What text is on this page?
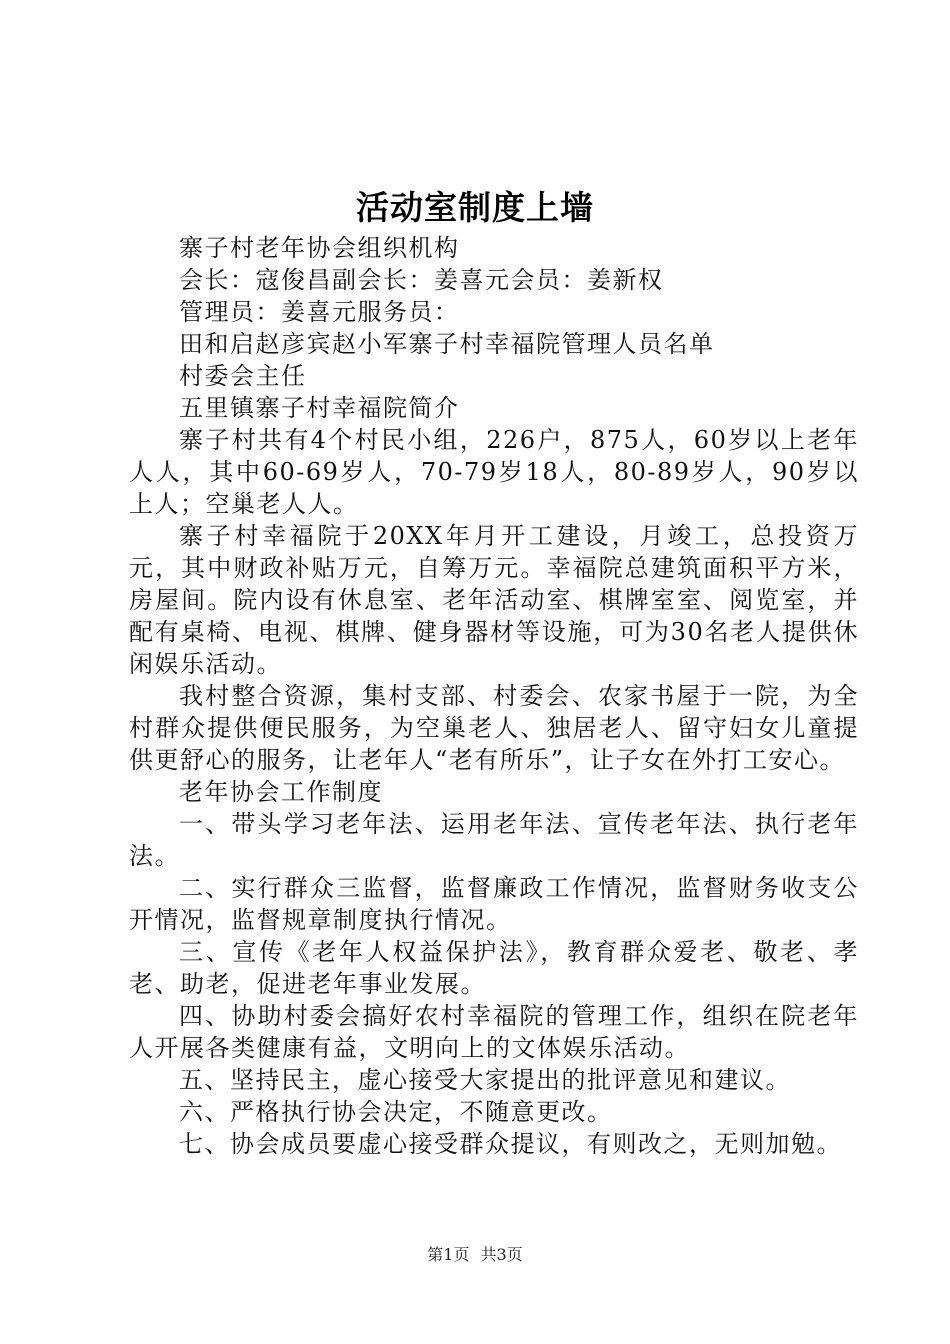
活动室制度上墙

寨子村老年协会组织机构

会长：寇俊昌副会长：姜喜元会员：姜新权

管理员：姜喜元服务员：

田和启赵彦宾赵小军寨子村幸福院管理人员名单

村委会主任

五里镇寨子村幸福院简介

寨子村共有4个村民小组，226户，875人，60岁以上老年人人，其中60-69岁人，70-79岁18人，80-89岁人，90岁以上人；空巢老人人。

寨子村幸福院于20XX年月开工建设，月竣工，总投资万元，其中财政补贴万元，自筹万元。幸福院总建筑面积平方米，房屋间。院内设有休息室、老年活动室、棋牌室室、阅览室，并配有桌椅、电视、棋牌、健身器材等设施，可为30名老人提供休闲娱乐活动。

我村整合资源，集村支部、村委会、农家书屋于一院，为全村群众提供便民服务，为空巢老人、独居老人、留守妇女儿童提供更舒心的服务，让老年人“老有所乐”，让子女在外打工安心。

老年协会工作制度

一、带头学习老年法、运用老年法、宣传老年法、执行老年法。

二、实行群众三监督，监督廉政工作情况，监督财务收支公开情况，监督规章制度执行情况。

三、宣传《老年人权益保护法》，教育群众爱老、敬老、孝老、助老，促进老年事业发展。

四、协助村委会搞好农村幸福院的管理工作，组织在院老年人开展各类健康有益，文明向上的文体娱乐活动。

五、坚持民主，虚心接受大家提出的批评意见和建议。

六、严格执行协会决定，不随意更改。

七、协会成员要虚心接受群众提议，有则改之，无则加勉。

第1页 共3页
